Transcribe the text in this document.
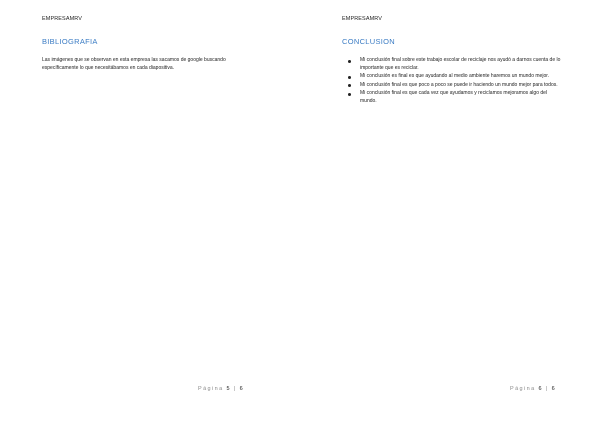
EMPRESAMRV
BIBLIOGRAFIA
Las imágenes que se observan en esta empresa las sacamos de google buscando específicamente lo que necesitábamos en cada diapositiva.
Página 5 | 6
EMPRESAMRV
CONCLUSION
Mi conclusión final sobre este trabajo escolar de reciclaje nos ayudó a darnos cuenta de lo importante que es reciclar.
Mi conclusión es final es que ayudando al medio ambiente haremos un mundo mejor.
Mi conclusión final es que poco a poco se puede ir haciendo un mundo mejor para todos.
Mi conclusión final es que cada vez que ayudamos y reciclamos mejoramos algo del mundo.
Página 6 | 6
